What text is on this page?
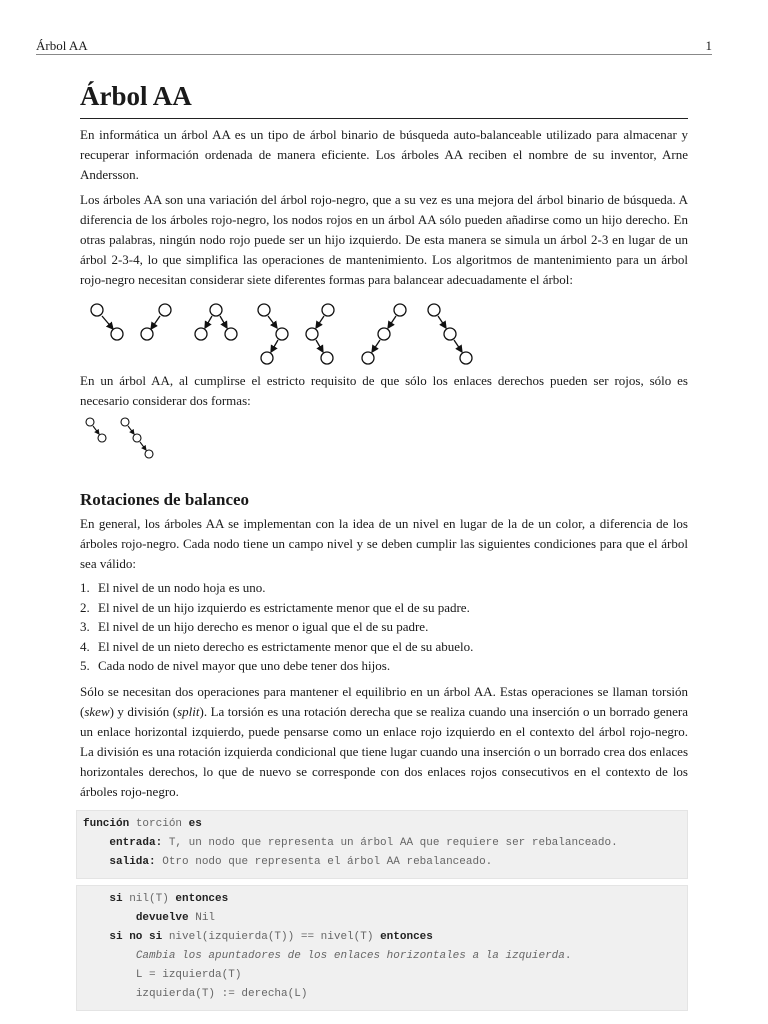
Árbol AA	1
Árbol AA

En informática un árbol AA es un tipo de árbol binario de búsqueda auto-balanceable utilizado para almacenar y recuperar información ordenada de manera eficiente. Los árboles AA reciben el nombre de su inventor, Arne Andersson.

Los árboles AA son una variación del árbol rojo-negro, que a su vez es una mejora del árbol binario de búsqueda. A diferencia de los árboles rojo-negro, los nodos rojos en un árbol AA sólo pueden añadirse como un hijo derecho. En otras palabras, ningún nodo rojo puede ser un hijo izquierdo. De esta manera se simula un árbol 2-3 en lugar de un árbol 2-3-4, lo que simplifica las operaciones de mantenimiento. Los algoritmos de mantenimiento para un árbol rojo-negro necesitan considerar siete diferentes formas para balancear adecuadamente el árbol:

En un árbol AA, al cumplirse el estricto requisito de que sólo los enlaces derechos pueden ser rojos, sólo es necesario considerar dos formas:

Rotaciones de balanceo

En general, los árboles AA se implementan con la idea de un nivel en lugar de la de un color, a diferencia de los árboles rojo-negro. Cada nodo tiene un campo nivel y se deben cumplir las siguientes condiciones para que el árbol sea válido:

1. El nivel de un nodo hoja es uno.
2. El nivel de un hijo izquierdo es estrictamente menor que el de su padre.
3. El nivel de un hijo derecho es menor o igual que el de su padre.
4. El nivel de un nieto derecho es estrictamente menor que el de su abuelo.
5. Cada nodo de nivel mayor que uno debe tener dos hijos.

Sólo se necesitan dos operaciones para mantener el equilibrio en un árbol AA. Estas operaciones se llaman torsión (skew) y división (split). La torsión es una rotación derecha que se realiza cuando una inserción o un borrado genera un enlace horizontal izquierdo, puede pensarse como un enlace rojo izquierdo en el contexto del árbol rojo-negro. La división es una rotación izquierda condicional que tiene lugar cuando una inserción o un borrado crea dos enlaces horizontales derechos, lo que de nuevo se corresponde con dos enlaces rojos consecutivos en el contexto de los árboles rojo-negro.

función torción es
entrada: T, un nodo que representa un árbol AA que requiere ser rebalanceado.
salida: Otro nodo que representa el árbol AA rebalanceado.
si nil(T) entonces
devuelve Nil
si no si nivel(izquierda(T)) == nivel(T) entonces
Cambia los apuntadores de los enlaces horizontales a la izquierda.
L = izquierda(T)
izquierda(T) := derecha(L)
